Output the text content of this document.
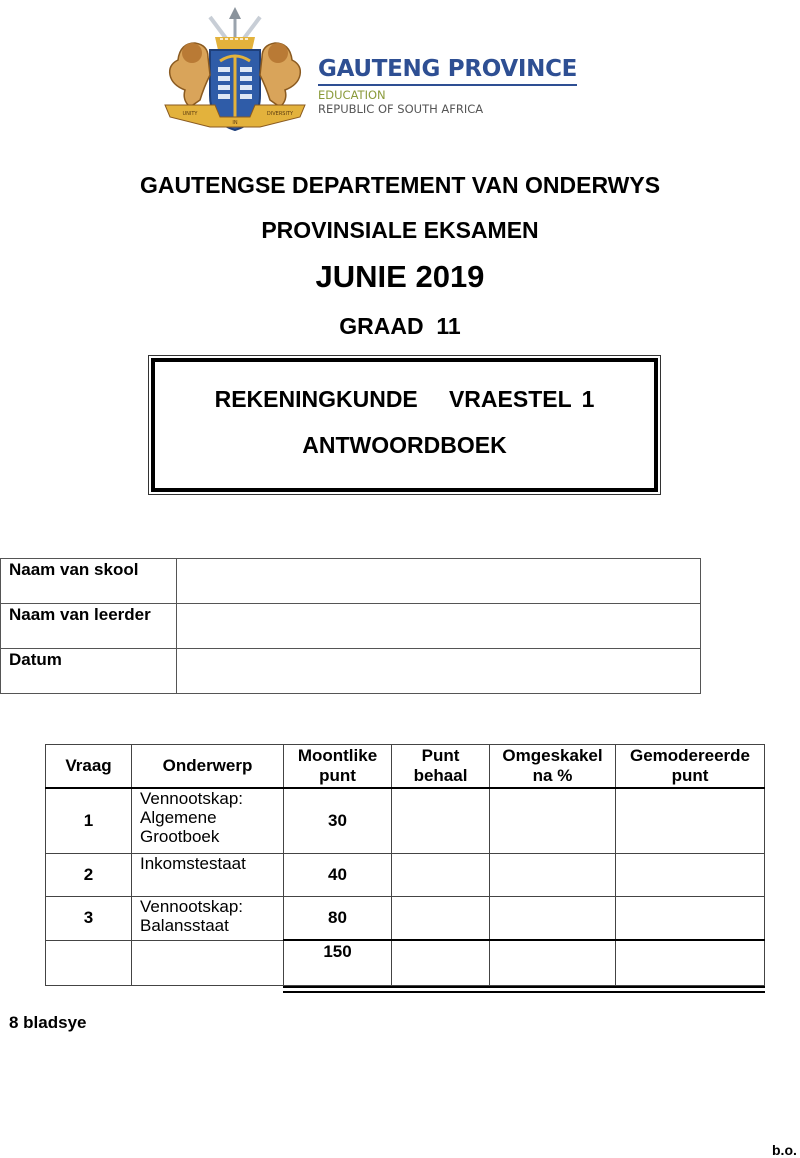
UNITY
IN
DIVERSITY
GAUTENG PROVINCE
EDUCATION
REPUBLIC OF SOUTH AFRICA
GAUTENGSE DEPARTEMENT VAN ONDERWYS
PROVINSIALE EKSAMEN
JUNIE 2019
GRAAD  11
REKENINGKUNDE   VRAESTEL 1
ANTWOORDBOEK
Naam van skool	
Naam van leerder	
Datum	
Vraag	Onderwerp	Moontlike punt	Punt behaal	Omgeskakel na %	Gemodereerde punt
1	Vennootskap: Algemene Grootboek	30			
2	Inkomstestaat	40			
3	Vennootskap: Balansstaat	80			
		150			
8 bladsye
b.o.
